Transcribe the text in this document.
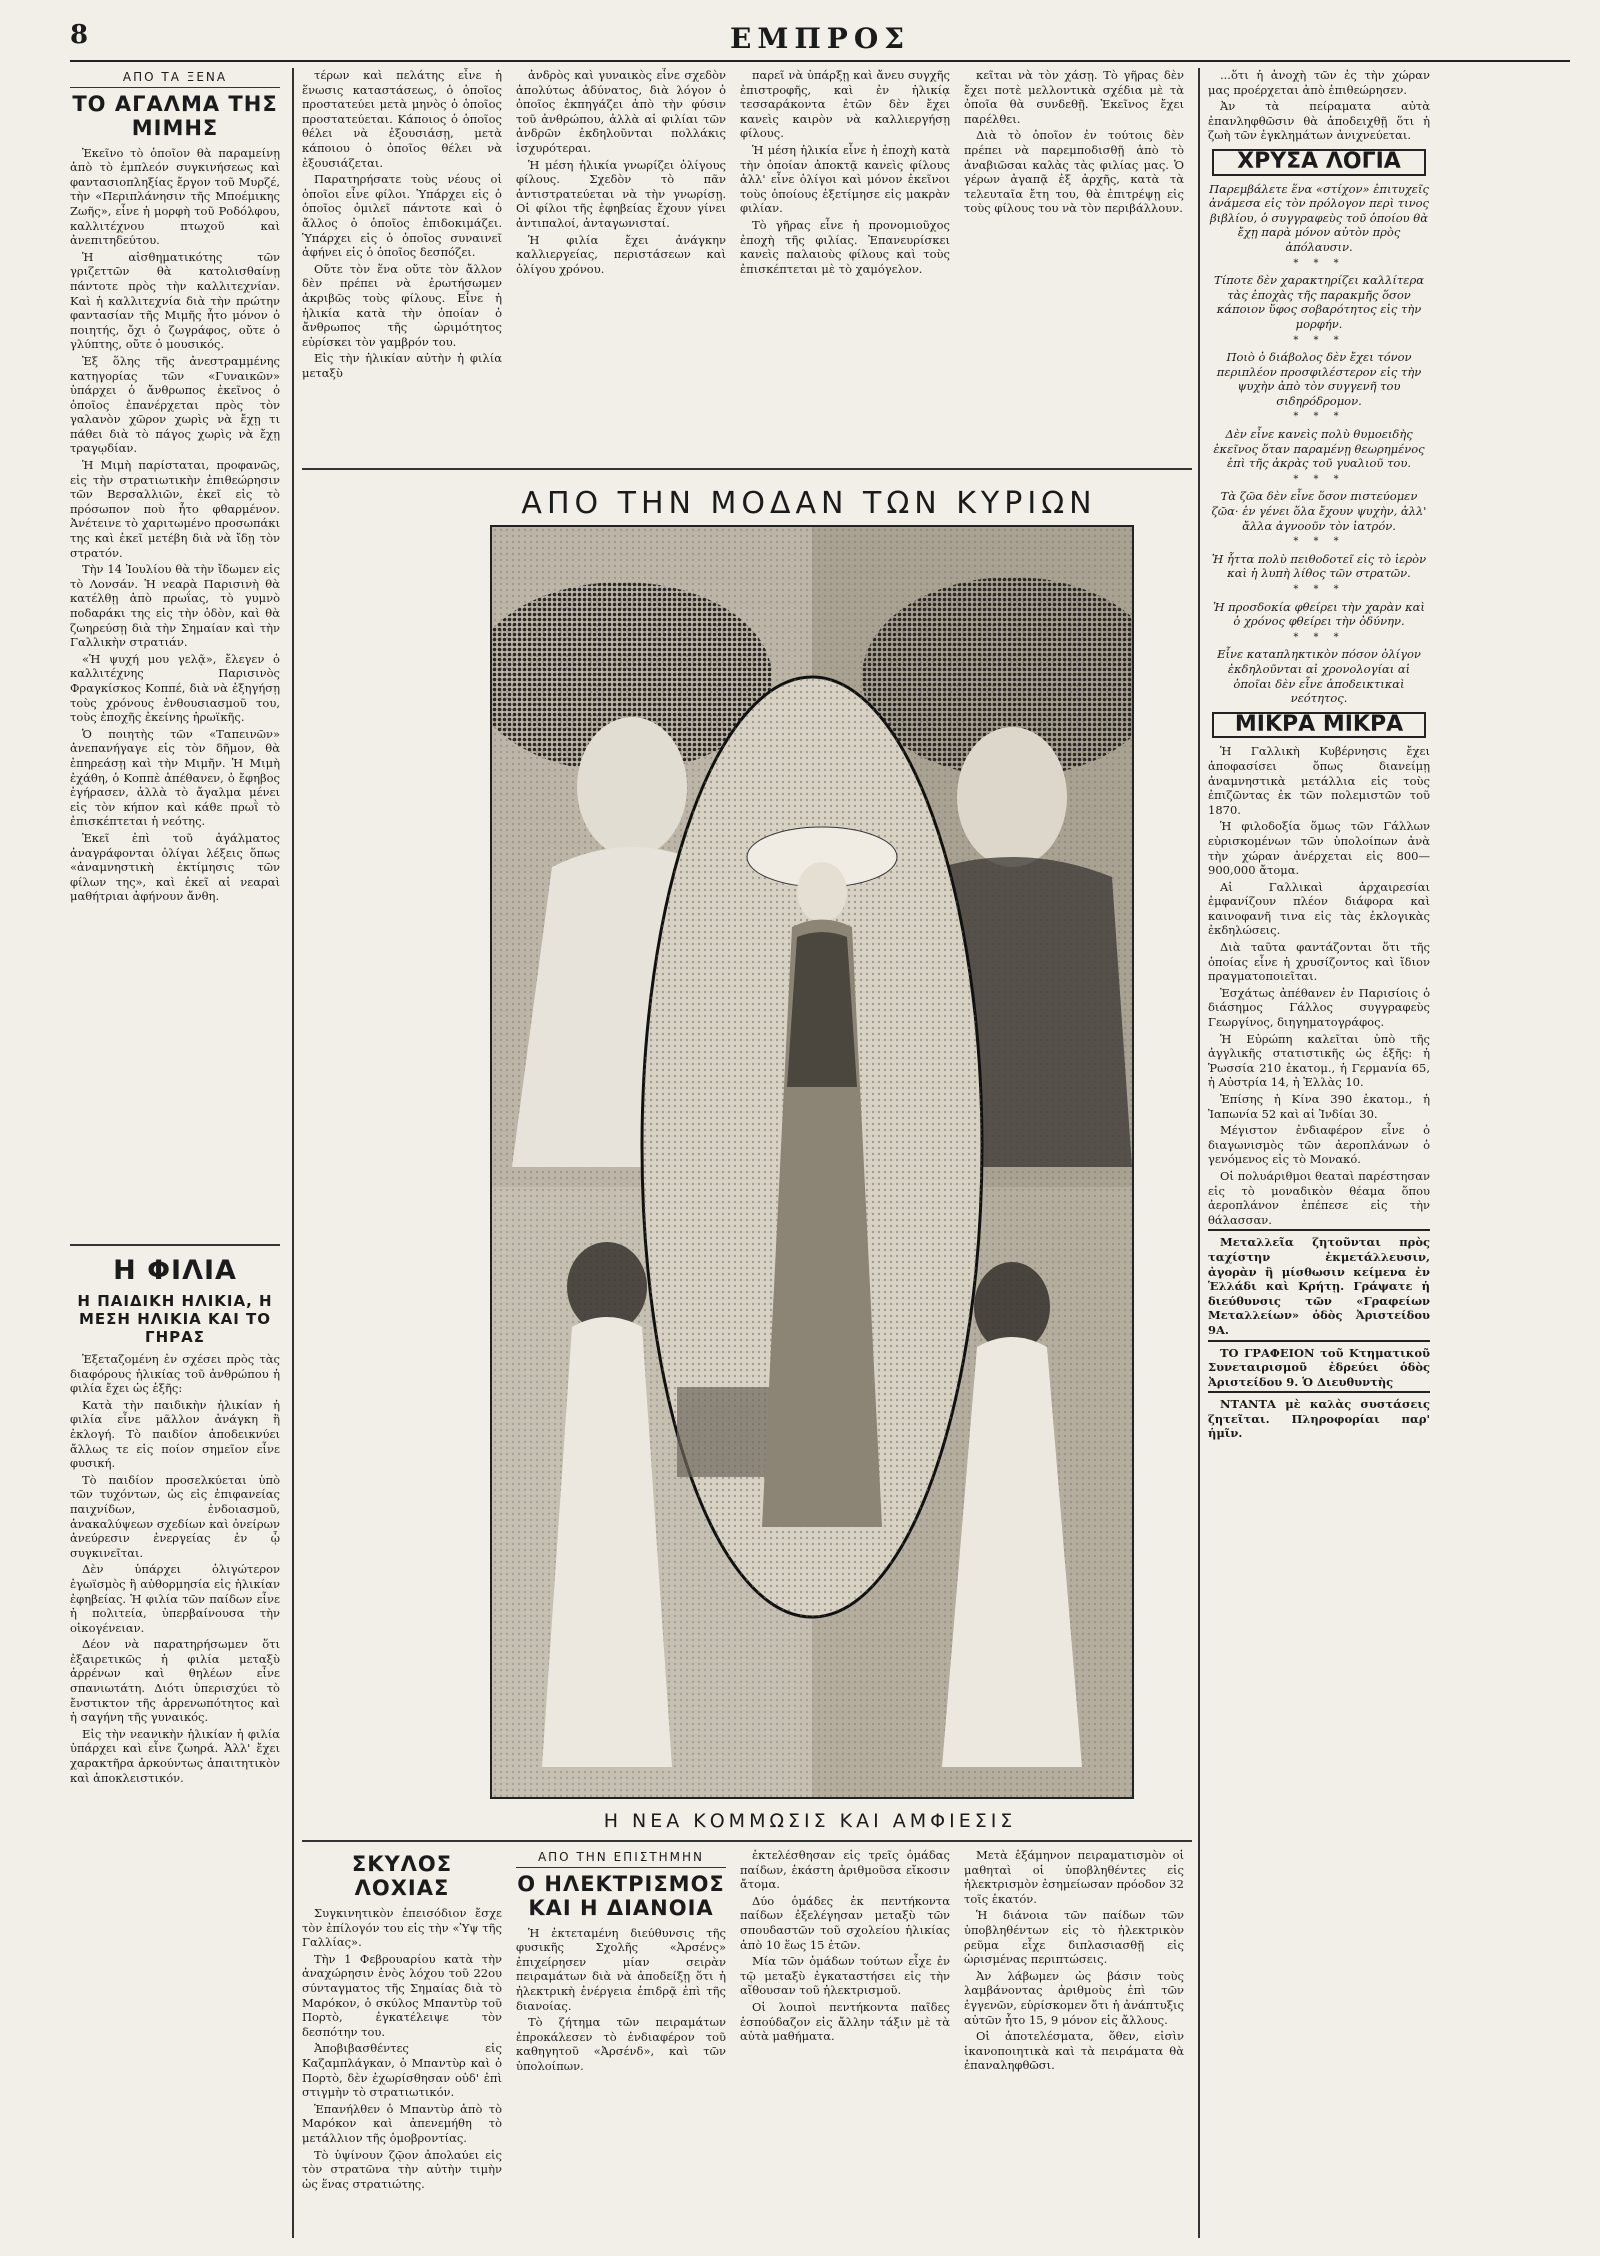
8	ΕΜΠΡΟΣ
ΑΠΟ ΤΑ ΞΕΝΑ
ΤΟ ΑΓΑΛΜΑ ΤΗΣ ΜΙΜΗΣ

Ἐκεῖνο τὸ ὁποῖον θὰ παραμείνῃ ἀπὸ τὸ ἐμπλεόν συγκινήσεως καὶ φαντασιοπληξίας ἔργον τοῦ Μυρζέ, τὴν «Περιπλάνησιν τῆς Μποέμικης Ζωῆς», εἶνε ἡ μορφὴ τοῦ Ροδόλφου, καλλιτέχνου πτωχοῦ καὶ ἀνεπιτηδεύτου.

Ἡ αἰσθηματικότης τῶν γριζεττῶν θὰ κατολισθαίνῃ πάντοτε πρὸς τὴν καλλιτεχνίαν. Καὶ ἡ καλλιτεχνία διὰ τὴν πρώτην φαντασίαν τῆς Μιμῆς ἦτο μόνον ὁ ποιητής, ὄχι ὁ ζωγράφος, οὔτε ὁ γλύπτης, οὔτε ὁ μουσικός.

Ἐξ ὅλης τῆς ἀνεστραμμένης κατηγορίας τῶν «Γυναικῶν» ὑπάρχει ὁ ἄνθρωπος ἐκεῖνος ὁ ὁποῖος ἐπανέρχεται πρὸς τὸν γαλανὸν χῶρον χωρὶς νὰ ἔχῃ τι πάθει διὰ τὸ πάγος χωρὶς νὰ ἔχῃ τραγῳδίαν.

Ἡ Μιμὴ παρίσταται, προφανῶς, εἰς τὴν στρατιωτικὴν ἐπιθεώρησιν τῶν Βερσαλλιῶν, ἐκεῖ εἰς τὸ πρόσωπον ποὺ ἦτο φθαρμένον. Ἀνέτεινε τὸ χαριτωμένο προσωπάκι της καὶ ἐκεῖ μετέβη διὰ νὰ ἴδῃ τὸν στρατόν.

Τὴν 14 Ἰουλίου θὰ τὴν ἴδωμεν εἰς τὸ Λονσάν. Ἡ νεαρὰ Παρισινὴ θὰ κατέλθῃ ἀπὸ πρωΐας, τὸ γυμνὸ ποδαράκι της εἰς τὴν ὁδὸν, καὶ θὰ ζωηρεύσῃ διὰ τὴν Σημαίαν καὶ τὴν Γαλλικὴν στρατιάν.

«Ἡ ψυχή μου γελᾷ», ἔλεγεν ὁ καλλιτέχνης Παρισινὸς Φραγκίσκος Κοππέ, διὰ νὰ ἐξηγήσῃ τοὺς χρόνους ἐνθουσιασμοῦ του, τοὺς ἐποχῆς ἐκείνης ἡρωϊκῆς.

Ὁ ποιητὴς τῶν «Ταπεινῶν» ἀνεπανήγαγε εἰς τὸν δῆμον, θὰ ἐπηρεάσῃ καὶ τὴν Μιμῆν. Ἡ Μιμὴ ἐχάθη, ὁ Κοππὲ ἀπέθανεν, ὁ ἔφηβος ἐγήρασεν, ἀλλὰ τὸ ἄγαλμα μένει εἰς τὸν κήπον καὶ κάθε πρωῒ τὸ ἐπισκέπτεται ἡ νεότης.

Ἐκεῖ ἐπὶ τοῦ ἀγάλματος ἀναγράφονται ὀλίγαι λέξεις ὅπως «ἀναμνηστικὴ ἐκτίμησις τῶν φίλων της», καὶ ἐκεῖ αἱ νεαραὶ μαθήτριαι ἀφήνουν ἄνθη.

Η ΦΙΛΙΑ
Η ΠΑΙΔΙΚΗ ΗΛΙΚΙΑ, Η ΜΕΣΗ ΗΛΙΚΙΑ ΚΑΙ ΤΟ ΓΗΡΑΣ

Ἐξεταζομένη ἐν σχέσει πρὸς τὰς διαφόρους ἡλικίας τοῦ ἀνθρώπου ἡ φιλία ἔχει ὡς ἑξῆς:

Κατὰ τὴν παιδικὴν ἡλικίαν ἡ φιλία εἶνε μᾶλλον ἀνάγκη ἢ ἐκλογή. Τὸ παιδίον ἀποδεικνύει ἄλλως τε εἰς ποίον σημεῖον εἶνε φυσική.

Τὸ παιδίον προσελκύεται ὑπὸ τῶν τυχόντων, ὡς εἰς ἐπιφανείας παιχνίδων, ἐνδοιασμοῦ, ἀνακαλύψεων σχεδίων καὶ ὀνείρων ἀνεύρεσιν ἐνεργείας ἐν ᾧ συγκινεῖται.

Δὲν ὑπάρχει ὁλιγώτερον ἐγωϊσμὸς ἢ αὐθορμησία εἰς ἡλικίαν ἐφηβείας. Ἡ φιλία τῶν παίδων εἶνε ἡ πολιτεία, ὑπερβαίνουσα τὴν οἰκογένειαν.

Δέον νὰ παρατηρήσωμεν ὅτι ἐξαιρετικῶς ἡ φιλία μεταξὺ ἀρρένων καὶ θηλέων εἶνε σπανιωτάτη. Διότι ὑπερισχύει τὸ ἔνστικτον τῆς ἀρρενωπότητος καὶ ἡ σαγήνη τῆς γυναικός.

Εἰς τὴν νεανικὴν ἡλικίαν ἡ φιλία ὑπάρχει καὶ εἶνε ζωηρά. Ἀλλ' ἔχει χαρακτῆρα ἀρκούντως ἀπαιτητικὸν καὶ ἀποκλειστικόν.

τέρων καὶ πελάτης εἶνε ἡ ἕνωσις καταστάσεως, ὁ ὁποῖος προστατεύει μετὰ μηνὸς ὁ ὁποῖος προστατεύεται. Κάποιος ὁ ὁποῖος θέλει νὰ ἐξουσιάσῃ, μετὰ κάποιου ὁ ὁποῖος θέλει νὰ ἐξουσιάζεται.

Παρατηρήσατε τοὺς νέους οἱ ὁποῖοι εἶνε φίλοι. Ὑπάρχει εἰς ὁ ὁποῖος ὁμιλεῖ πάντοτε καὶ ὁ ἄλλος ὁ ὁποῖος ἐπιδοκιμάζει. Ὑπάρχει εἰς ὁ ὁποῖος συναινεῖ ἀφήνει εἰς ὁ ὁποῖος δεσπόζει.

Οὔτε τὸν ἕνα οὔτε τὸν ἄλλον δὲν πρέπει νὰ ἐρωτήσωμεν ἀκριβῶς τοὺς φίλους. Εἶνε ἡ ἡλικία κατὰ τὴν ὁποίαν ὁ ἄνθρωπος τῆς ὡριμότητος εὑρίσκει τὸν γαμβρόν του.

Εἰς τὴν ἡλικίαν αὐτὴν ἡ φιλία μεταξὺ

ἀνδρὸς καὶ γυναικὸς εἶνε σχεδὸν ἀπολύτως ἀδύνατος, διὰ λόγον ὁ ὁποῖος ἐκπηγάζει ἀπὸ τὴν φύσιν τοῦ ἀνθρώπου, ἀλλὰ αἱ φιλίαι τῶν ἀνδρῶν ἐκδηλοῦνται πολλάκις ἰσχυρότεραι.

Ἡ μέση ἡλικία γνωρίζει ὀλίγους φίλους. Σχεδὸν τὸ πᾶν ἀντιστρατεύεται νὰ τὴν γνωρίσῃ. Οἱ φίλοι τῆς ἐφηβείας ἔχουν γίνει ἀντιπαλοί, ἀνταγωνισταί.

Ἡ φιλία ἔχει ἀνάγκην καλλιεργείας, περιστάσεων καὶ ὀλίγου χρόνου.

παρεῖ νὰ ὑπάρξῃ καὶ ἄνευ συγχῆς ἐπιστροφῆς, καὶ ἐν ἡλικίᾳ τεσσαράκοντα ἐτῶν δὲν ἔχει κανεὶς καιρὸν νὰ καλλιεργήσῃ φίλους.

Ἡ μέση ἡλικία εἶνε ἡ ἐποχὴ κατὰ τὴν ὁποίαν ἀποκτᾷ κανεὶς φίλους ἀλλ' εἶνε ὀλίγοι καὶ μόνον ἐκεῖνοι τοὺς ὁποίους ἐξετίμησε εἰς μακρὰν φιλίαν.

Τὸ γῆρας εἶνε ἡ προνομιοῦχος ἐποχὴ τῆς φιλίας. Ἐπανευρίσκει κανεὶς παλαιοὺς φίλους καὶ τοὺς ἐπισκέπτεται μὲ τὸ χαμόγελον.

κεῖται νὰ τὸν χάσῃ. Τὸ γῆρας δὲν ἔχει ποτὲ μελλοντικὰ σχέδια μὲ τὰ ὁποῖα θὰ συνδεθῇ. Ἐκεῖνος ἔχει παρέλθει.

Διὰ τὸ ὁποῖον ἐν τούτοις δὲν πρέπει νὰ παρεμποδισθῇ ἀπὸ τὸ ἀναβιῶσαι καλὰς τὰς φιλίας μας. Ὁ γέρων ἀγαπᾷ ἐξ ἀρχῆς, κατὰ τὰ τελευταῖα ἔτη του, θὰ ἐπιτρέψῃ εἰς τοὺς φίλους του νὰ τὸν περιβάλλουν.

ΑΠΟ ΤΗΝ ΜΟΔΑΝ ΤΩΝ ΚΥΡΙΩΝ
Η ΝΕΑ ΚΟΜΜΩΣΙΣ ΚΑΙ ΑΜΦΙΕΣΙΣ
ΣΚΥΛΟΣ ΛΟΧΙΑΣ

Συγκινητικὸν ἐπεισόδιον ἔσχε τὸν ἐπίλογόν του εἰς τὴν «Ὑψ τῆς Γαλλίας».

Τὴν 1 Φεβρουαρίου κατὰ τὴν ἀναχώρησιν ἑνὸς λόχου τοῦ 22ου σύνταγματος τῆς Σημαίας διὰ τὸ Μαρόκον, ὁ σκύλος Μπαντὺρ τοῦ Πορτὸ, ἐγκατέλειψε τὸν δεσπότην του.

Ἀποβιβασθέντες εἰς Καζαμπλάγκαν, ὁ Μπαντὺρ καὶ ὁ Πορτὸ, δὲν ἐχωρίσθησαν οὐδ' ἐπὶ στιγμὴν τὸ στρατιωτικόν.

Ἐπανήλθεν ὁ Μπαντὺρ ἀπὸ τὸ Μαρόκον καὶ ἀπενεμήθη τὸ μετάλλιον τῆς ὁμοβροντίας.

Τὸ ὑψίνουν ζῷον ἀπολαύει εἰς τὸν στρατῶνα τὴν αὐτὴν τιμὴν ὡς ἕνας στρατιώτης.

ΑΠΟ ΤΗΝ ΕΠΙΣΤΗΜΗΝ
Ο ΗΛΕΚΤΡΙΣΜΟΣ ΚΑΙ Η ΔΙΑΝΟΙΑ

Ἡ ἐκτεταμένη διεύθυνσις τῆς φυσικῆς Σχολῆς «Ἀρσένς» ἐπιχείρησεν μίαν σειρὰν πειραμάτων διὰ νὰ ἀποδείξῃ ὅτι ἡ ἠλεκτρικὴ ἐνέργεια ἐπιδρᾷ ἐπὶ τῆς διανοίας.

Τὸ ζήτημα τῶν πειραμάτων ἐπροκάλεσεν τὸ ἐνδιαφέρον τοῦ καθηγητοῦ «Ἀρσένδ», καὶ τῶν ὑπολοίπων.

ἐκτελέσθησαν εἰς τρεῖς ὁμάδας παίδων, ἑκάστη ἀριθμοῦσα εἴκοσιν ἄτομα.

Δύο ὁμάδες ἐκ πεντήκοντα παίδων ἐξελέγησαν μεταξὺ τῶν σπουδαστῶν τοῦ σχολείου ἡλικίας ἀπὸ 10 ἕως 15 ἐτῶν.

Μία τῶν ὁμάδων τούτων εἶχε ἐν τῷ μεταξὺ ἐγκαταστήσει εἰς τὴν αἴθουσαν τοῦ ἠλεκτρισμοῦ.

Οἱ λοιποὶ πεντήκοντα παῖδες ἐσπούδαζον εἰς ἄλλην τάξιν μὲ τὰ αὐτὰ μαθήματα.

Μετὰ ἑξάμηνον πειραματισμὸν οἱ μαθηταὶ οἱ ὑποβληθέντες εἰς ἠλεκτρισμὸν ἐσημείωσαν πρόοδον 32 τοῖς ἑκατόν.

Ἡ διάνοια τῶν παίδων τῶν ὑποβληθέντων εἰς τὸ ἠλεκτρικὸν ρεῦμα εἶχε διπλασιασθῇ εἰς ὠρισμένας περιπτώσεις.

Ἀν λάβωμεν ὡς βάσιν τοὺς λαμβάνοντας ἀριθμοὺς ἐπὶ τῶν ἐγγενῶν, εὑρίσκομεν ὅτι ἡ ἀνάπτυξις αὐτῶν ἦτο 15, 9 μόνον εἰς ἄλλους.

Οἱ ἀποτελέσματα, ὅθεν, εἰσὶν ἱκανοποιητικὰ καὶ τὰ πειράματα θὰ ἐπαναληφθῶσι.

...ὅτι ἡ ἀνοχὴ τῶν ἐς τὴν χώραν μας προέρχεται ἀπὸ ἐπιθεώρησεν.

Ἀν τὰ πείραματα αὐτὰ ἐπανληφθῶσιν θὰ ἀποδειχθῇ ὅτι ἡ ζωὴ τῶν ἐγκλημάτων ἀνιχνεύεται.

ΧΡΥΣΑ ΛΟΓΙΑ

Παρεμβάλετε ἕνα «στίχον» ἐπιτυχεῖς ἀνάμεσα εἰς τὸν πρόλογον περὶ τινος βιβλίου, ὁ συγγραφεὺς τοῦ ὁποίου θὰ ἔχῃ παρὰ μόνον αὐτὸν πρὸς ἀπόλαυσιν.

* * *

Τίποτε δὲν χαρακτηρίζει καλλίτερα τὰς ἐποχὰς τῆς παρακμῆς ὅσον κάποιον ὕφος σοβαρότητος εἰς τὴν μορφήν.

* * *

Ποιὸ ὁ διάβολος δὲν ἔχει τόνον περιπλέον προσφιλέστερον εἰς τὴν ψυχὴν ἀπὸ τὸν συγγενῆ του σιδηρόδρομον.

* * *

Δὲν εἶνε κανεὶς πολὺ θυμοειδὴς ἐκεῖνος ὅταν παραμένῃ θεωρημένος ἐπὶ τῆς ἀκρὰς τοῦ γυαλιοῦ του.

* * *

Τὰ ζῶα δὲν εἶνε ὅσον πιστεύομεν ζῶα· ἐν γένει ὅλα ἔχουν ψυχὴν, ἀλλ' ἄλλα ἀγνοοῦν τὸν ἰατρόν.

* * *

Ἡ ἧττα πολὺ πειθοδοτεῖ εἰς τὸ ἱερὸν καὶ ἡ λυπὴ λίθος τῶν στρατῶν.

* * *

Ἡ προσδοκία φθείρει τὴν χαρὰν καὶ ὁ χρόνος φθείρει τὴν ὀδύνην.

* * *

Εἶνε καταπληκτικὸν πόσον ὀλίγον ἐκδηλοῦνται αἱ χρονολογίαι αἱ ὁποῖαι δὲν εἶνε ἀποδεικτικαὶ νεότητος.

ΜΙΚΡΑ ΜΙΚΡΑ

Ἡ Γαλλικὴ Κυβέρνησις ἔχει ἀποφασίσει ὅπως διανείμῃ ἀναμνηστικὰ μετάλλια εἰς τοὺς ἐπιζῶντας ἐκ τῶν πολεμιστῶν τοῦ 1870.

Ἡ φιλοδοξία ὅμως τῶν Γάλλων εὑρισκομένων τῶν ὑπολοίπων ἀνὰ τὴν χώραν ἀνέρχεται εἰς 800—900,000 ἄτομα.

Αἱ Γαλλικαὶ ἀρχαιρεσίαι ἐμφανίζουν πλέον διάφορα καὶ καινοφανῆ τινα εἰς τὰς ἐκλογικὰς ἐκδηλώσεις.

Διὰ ταῦτα φαντάζονται ὅτι τῆς ὁποίας εἶνε ἡ χρυσίζοντος καὶ ἴδιον πραγματοποιεῖται.

Ἐσχάτως ἀπέθανεν ἐν Παρισίοις ὁ διάσημος Γάλλος συγγραφεὺς Γεωργίνος, διηγηματογράφος.

Ἡ Εὐρώπη καλεῖται ὑπὸ τῆς ἀγγλικῆς στατιστικῆς ὡς ἑξῆς: ἡ Ῥωσσία 210 ἑκατομ., ἡ Γερμανία 65, ἡ Αὐστρία 14, ἡ Ἑλλὰς 10.

Ἐπίσης ἡ Κίνα 390 ἑκατομ., ἡ Ἰαπωνία 52 καὶ αἱ Ἰνδίαι 30.

Μέγιστον ἐνδιαφέρον εἶνε ὁ διαγωνισμὸς τῶν ἀεροπλάνων ὁ γενόμενος εἰς τὸ Μονακό.

Οἱ πολυάριθμοι θεαταὶ παρέστησαν εἰς τὸ μοναδικὸν θέαμα ὅπου ἀεροπλάνον ἐπέπεσε εἰς τὴν θάλασσαν.

Μεταλλεῖα ζητοῦνται πρὸς ταχίστην ἐκμετάλλευσιν, ἀγορὰν ἢ μίσθωσιν κείμενα ἐν Ἑλλάδι καὶ Κρήτῃ. Γράψατε ἡ διεύθυνσις τῶν «Γραφείων Μεταλλείων» ὁδὸς Ἀριστείδου 9Α.

ΤΟ ΓΡΑΦΕΙΟΝ τοῦ Κτηματικοῦ Συνεταιρισμοῦ ἐδρεύει ὁδὸς Ἀριστείδου 9. Ὁ Διευθυντὴς

ΝΤΑΝΤΑ μὲ καλὰς συστάσεις ζητεῖται. Πληροφορίαι παρ' ἡμῖν.
